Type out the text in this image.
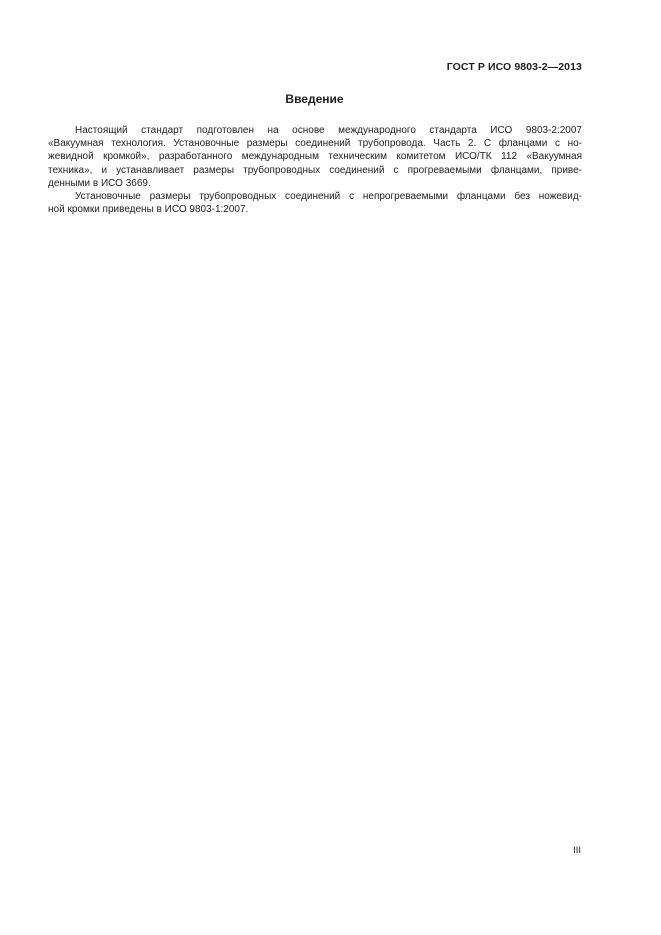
ГОСТ Р ИСО 9803-2—2013
Введение
Настоящий стандарт подготовлен на основе международного стандарта ИСО 9803-2:2007
«Вакуумная технология. Установочные размеры соединений трубопровода. Часть 2. С фланцами с но-
жевидной кромкой», разработанного международным техническим комитетом ИСО/ТК 112 «Вакуумная
техника», и устанавливает размеры трубопроводных соединений с прогреваемыми фланцами, приве-
денными в ИСО 3669.
Установочные размеры трубопроводных соединений с непрогреваемыми фланцами без ножевид-
ной кромки приведены в ИСО 9803-1:2007.
III
